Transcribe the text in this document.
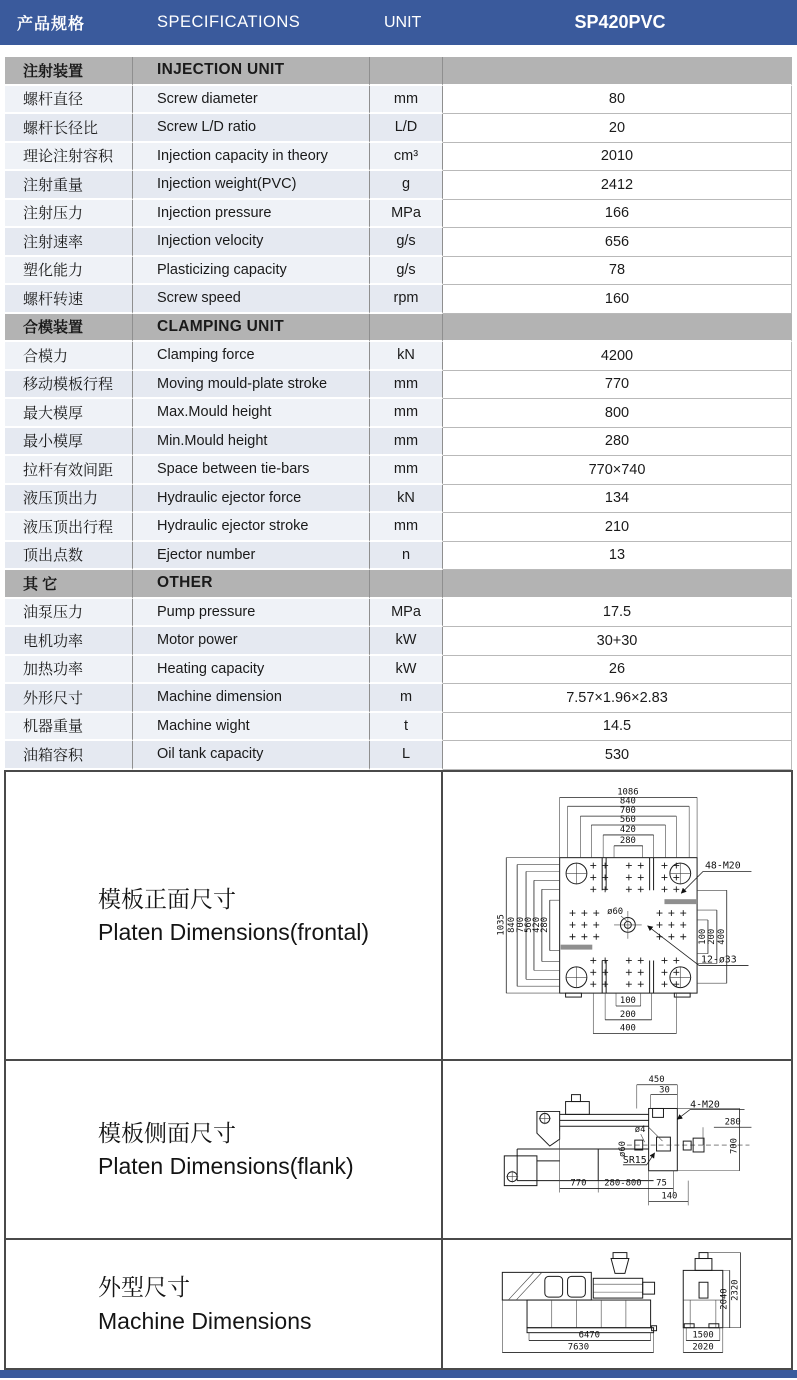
产品规格	SPECIFICATIONS	UNIT	SP420PVC
注射装置	INJECTION UNIT
螺杆直径	Screw diameter	mm	80
螺杆长径比	Screw L/D ratio	L/D	20
理论注射容积	Injection capacity in theory	cm³	2010
注射重量	Injection weight(PVC)	g	2412
注射压力	Injection pressure	MPa	166
注射速率	Injection velocity	g/s	656
塑化能力	Plasticizing capacity	g/s	78
螺杆转速	Screw speed	rpm	160
合模装置	CLAMPING UNIT
合模力	Clamping force	kN	4200
移动模板行程	Moving mould-plate stroke	mm	770
最大模厚	Max.Mould height	mm	800
最小模厚	Min.Mould height	mm	280
拉杆有效间距	Space between tie-bars	mm	770×740
液压顶出力	Hydraulic ejector force	kN	134
液压顶出行程	Hydraulic ejector stroke	mm	210
顶出点数	Ejector number	n	13
其 它	OTHER
油泵压力	Pump pressure	MPa	17.5
电机功率	Motor power	kW	30+30
加热功率	Heating capacity	kW	26
外形尺寸	Machine dimension	m	7.57×1.96×2.83
机器重量	Machine wight	t	14.5
油箱容积	Oil tank capacity	L	530
模板正面尺寸
Platen Dimensions(frontal)
1086
840
700
560
420
280
1035 840
700
560
420
280
100
200 400
100
200
400
48-M20
12-ø33
ø60
模板侧面尺寸
Platen Dimensions(flank)
ø4
ø60
SR15
450
30
4-M20
280
700
770 280-800 75
140
外型尺寸
Machine Dimensions
6470
7630
1500
2020
2040 2320
